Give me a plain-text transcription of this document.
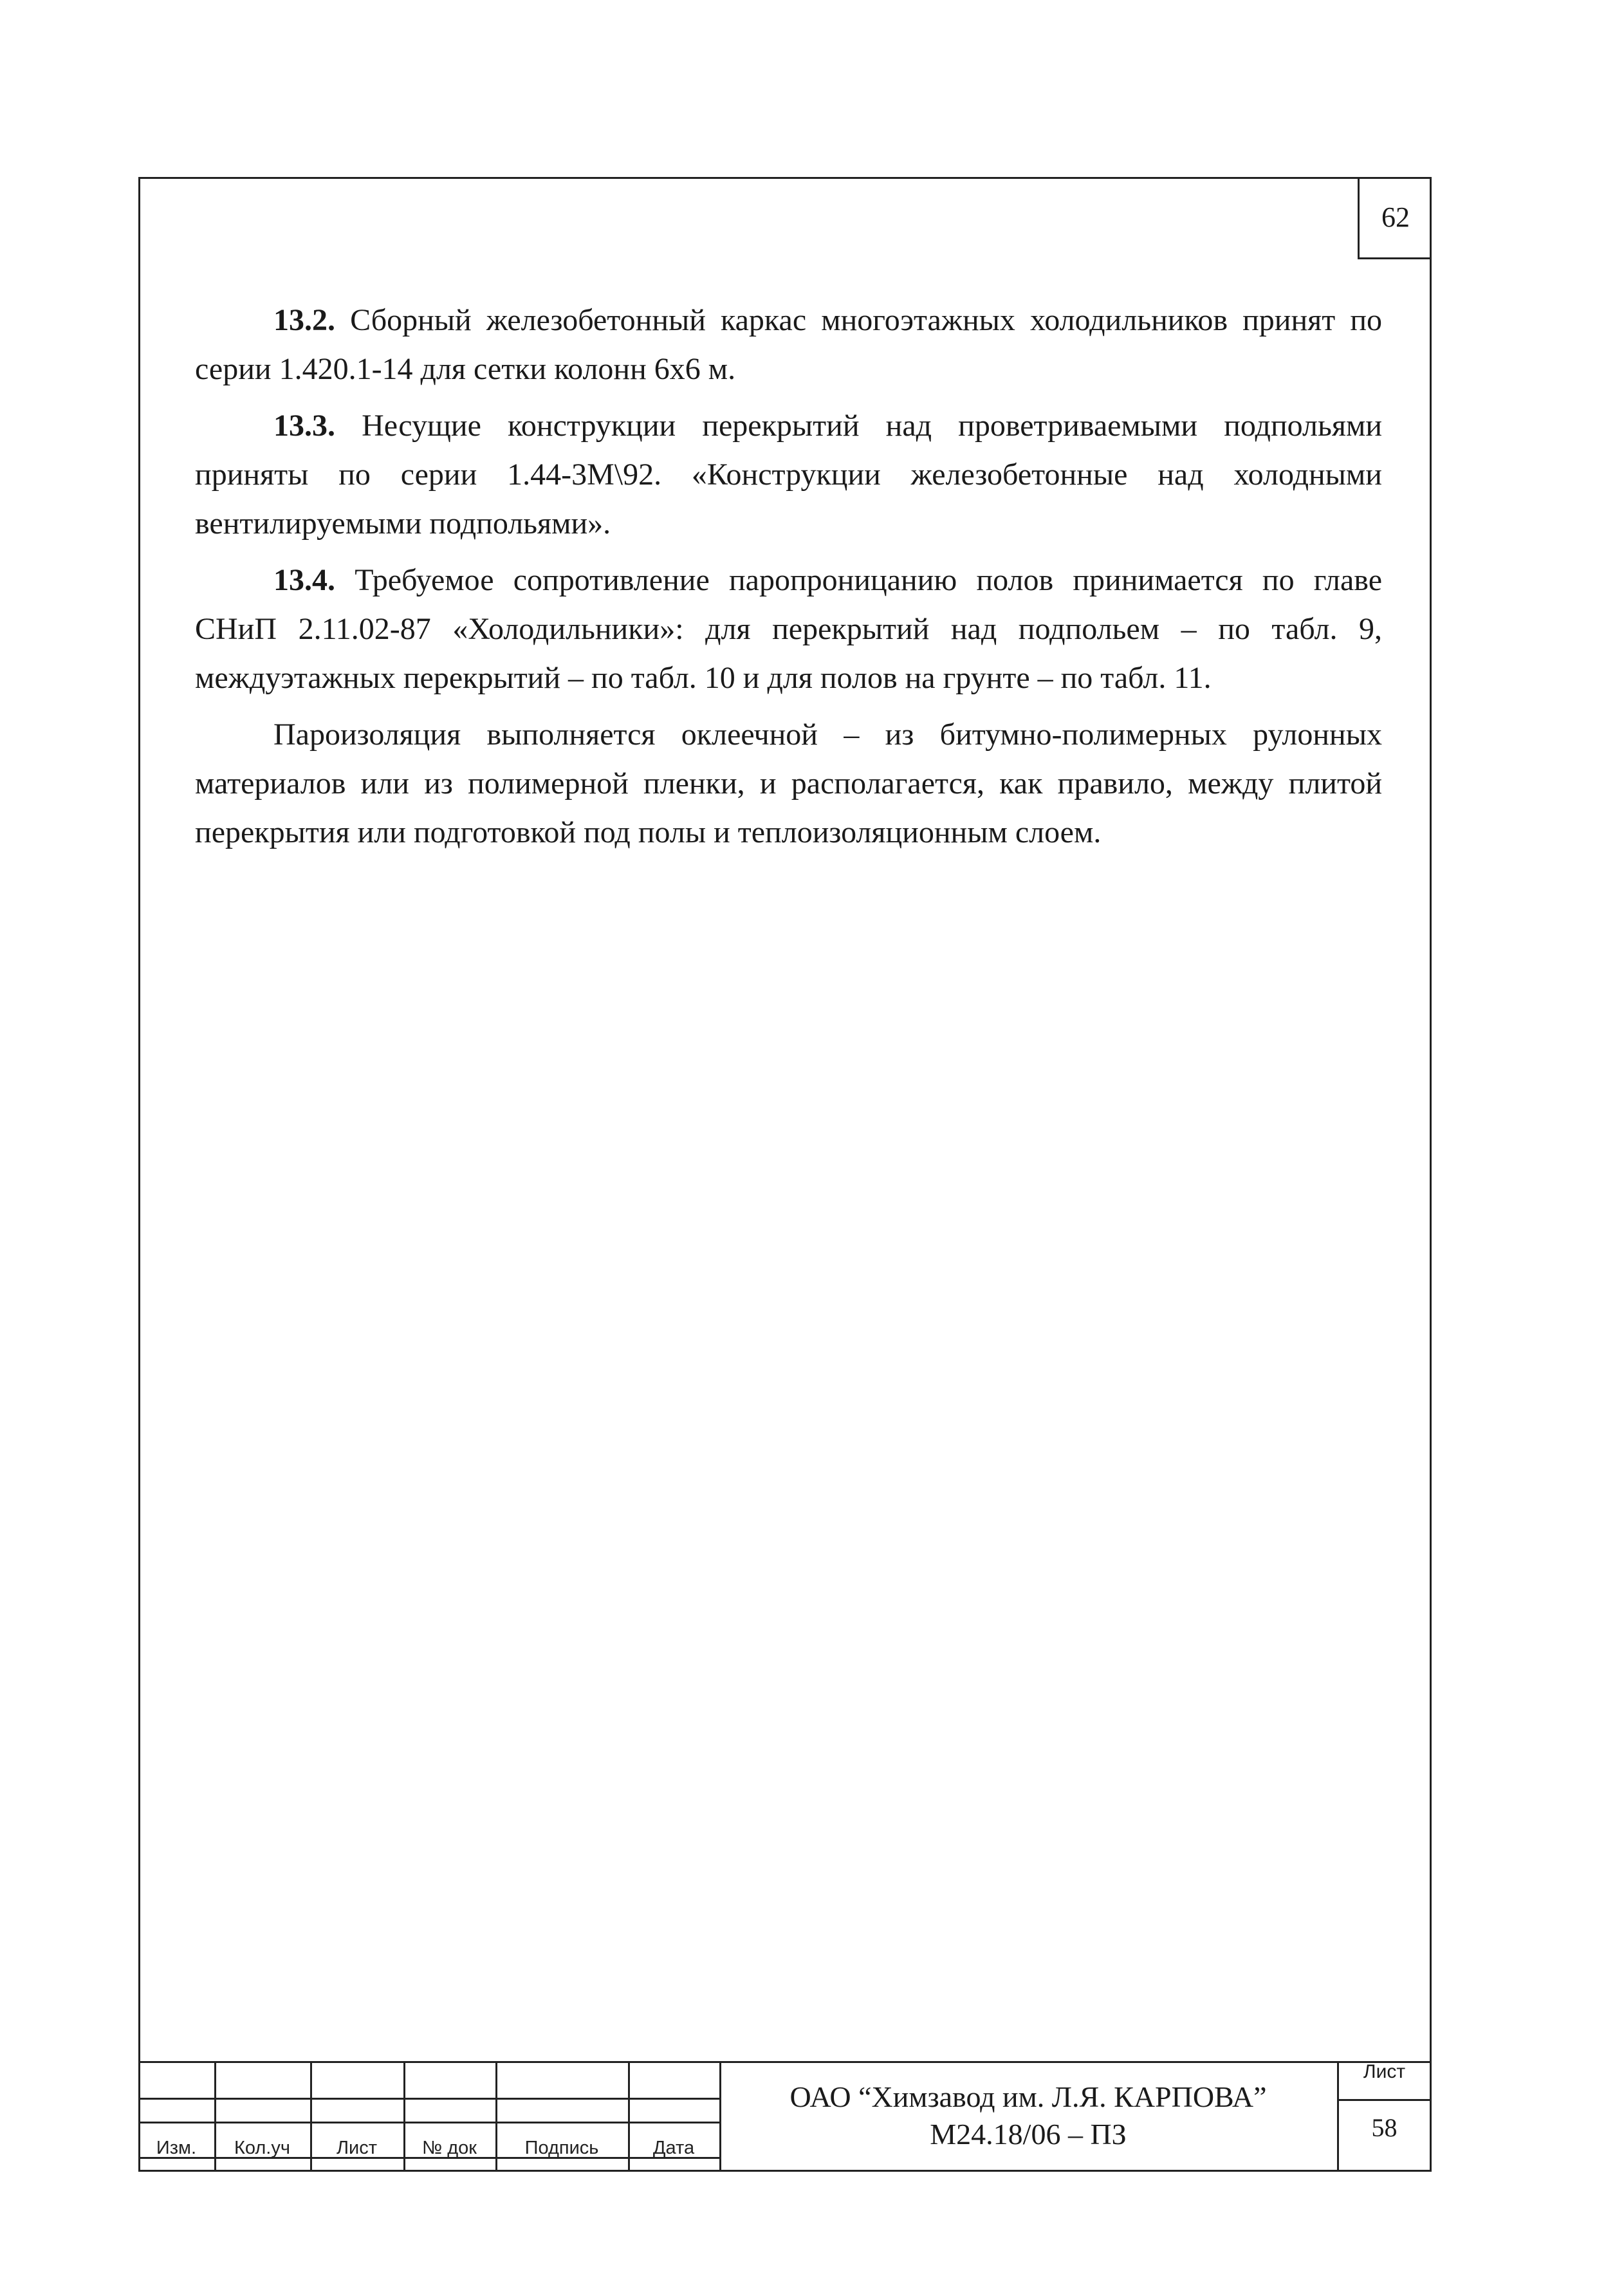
62

13.2. Сборный железобетонный каркас многоэтажных холодильников принят по серии 1.420.1-14 для сетки колонн 6х6 м.

13.3. Несущие конструкции перекрытий над проветриваемыми подпольями приняты по серии 1.44-3М\92. «Конструкции железобетонные над холодными вентилируемыми подпольями».

13.4. Требуемое сопротивление паропроницанию полов принимается по главе СНиП 2.11.02-87 «Холодильники»: для перекрытий над подпольем – по табл. 9, междуэтажных перекрытий – по табл. 10 и для полов на грунте – по табл. 11.

Пароизоляция выполняется оклеечной – из битумно-полимерных рулонных материалов или из полимерной пленки, и располагается, как правило, между плитой перекрытия или подготовкой под полы и теплоизоляционным слоем.

Изм.	Кол.уч	Лист	№ док	Подпись	Дата
ОАО “Химзавод им. Л.Я. КАРПОВА”
М24.18/06 – ПЗ
Лист
58
